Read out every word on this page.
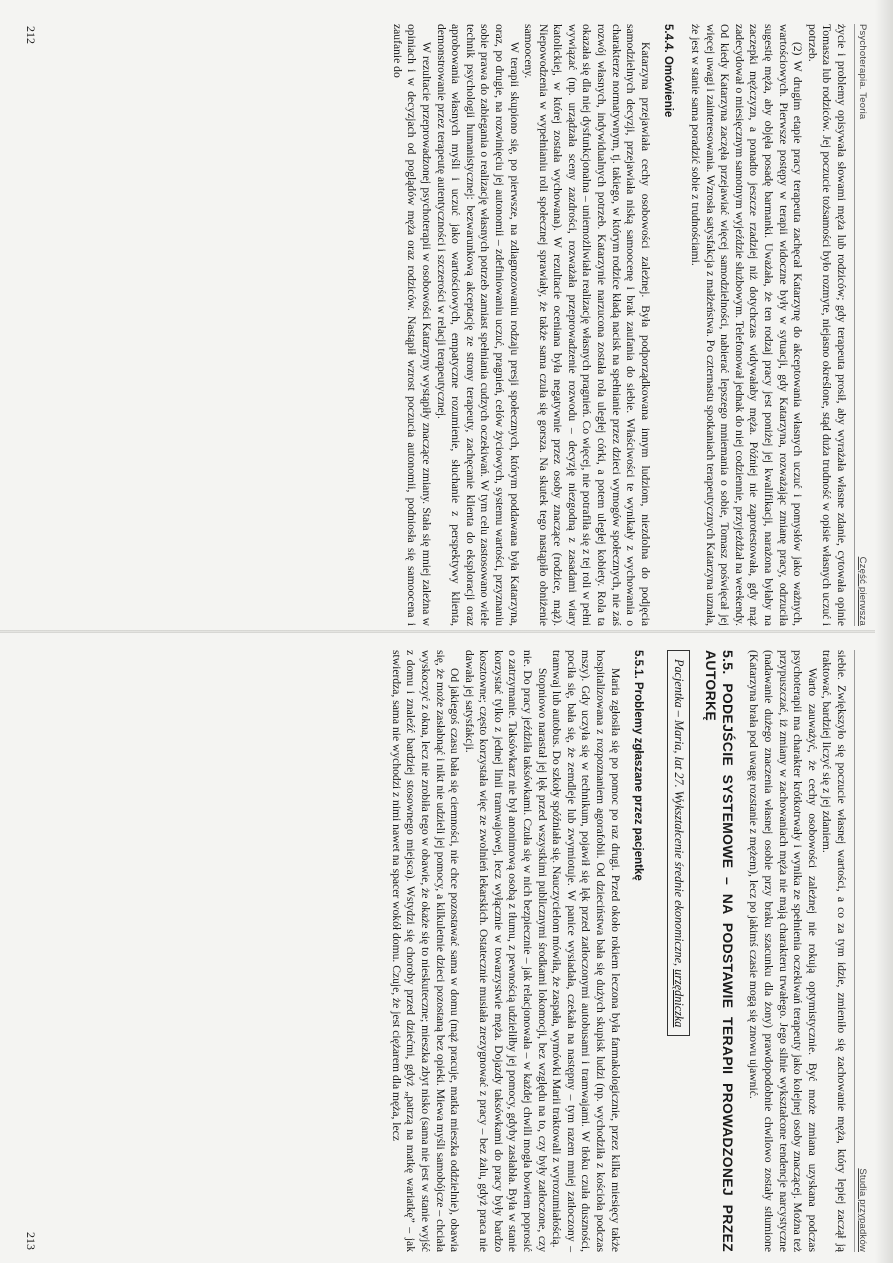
Psychoterapia. Teoria
Część pierwsza

życie i problemy opisywała słowami męża lub rodziców; gdy terapeuta prosił, aby wyrażała własne zdanie, cytowała opinie Tomasza lub rodziców. Jej poczucie tożsamości było rozmyte, niejasno określone, stąd duża trudność w opisie własnych uczuć i potrzeb.

(2) W drugim etapie pracy terapeuta zachęcał Katarzynę do akceptowania własnych uczuć i pomysłów jako ważnych, wartościowych. Pierwsze postępy w terapii widoczne były w sytuacji, gdy Katarzyna, rozważając zmianę pracy, odrzuciła sugestię męża, aby objęła posadę barmanki. Uważała, że ten rodzaj pracy jest poniżej jej kwalifikacji, narażona byłaby na zaczepki mężczyzn, a ponadto jeszcze rzadziej niż dotychczas widywałaby męża. Później nie zaprotestowała, gdy mąż zadecydował o miesięcznym samotnym wyjeździe służbowym. Telefonował jednak do niej codziennie, przyjeżdżał na weekendy. Od kiedy Katarzyna zaczęła przejawiać więcej samodzielności, nabierać lepszego mniemania o sobie, Tomasz poświęcał jej więcej uwagi i zainteresowania. Wzrosła satysfakcja z małżeństwa. Po czternastu spotkaniach terapeutycznych Katarzyna uznała, że jest w stanie sama poradzić sobie z trudnościami.

5.4.4. Omówienie

Katarzyna przejawiała cechy osobowości zależnej. Była podporządkowana innym ludziom, niezdolna do podjęcia samodzielnych decyzji, przejawiała niską samoocenę i brak zaufania do siebie. Właściwości te wynikały z wychowania o charakterze normatywnym, tj. takiego, w którym rodzice kładą nacisk na spełnianie przez dzieci wymogów społecznych, nie zaś rozwój własnych, indywidualnych potrzeb. Katarzynie narzucona została rola uległej córki, a potem uległej kobiety. Rola ta okazała się dla niej dysfunkcjonalna – uniemożliwiała realizację własnych pragnień. Co więcej, nie potrafiła się z tej roli w pełni wywiązać (np. urządzała sceny zazdrości, rozważała przeprowadzenie rozwodu – decyzję niezgodną z zasadami wiary katolickiej, w której została wychowana). W rezultacie oceniana była negatywnie przez osoby znaczące (rodzice, mąż). Niepowodzenia w wypełnianiu roli społecznej sprawiały, że także sama czuła się gorsza. Na skutek tego nastąpiło obniżenie samooceny.

W terapii skupiono się, po pierwsze, na zdiagnozowaniu rodzaju presji społecznych, którym poddawana była Katarzyna, oraz, po drugie, na rozwinięciu jej autonomii – zdefiniowaniu uczuć, pragnień, celów życiowych, systemu wartości, przyznaniu sobie prawa do zabiegania o realizację własnych potrzeb zamiast spełniania cudzych oczekiwań. W tym celu zastosowano wiele technik psychologii humanistycznej: bezwarunkową akceptację ze strony terapeuty, zachęcanie klienta do eksploracji oraz aprobowania własnych myśli i uczuć jako wartościowych, empatyczne rozumienie, słuchanie z perspektywy klienta, demonstrowanie przez terapeutę autentyczności i szczerości w relacji terapeutycznej.

W rezultacie przeprowadzonej psychoterapii w osobowości Katarzyny wystąpiły znaczące zmiany. Stała się mniej zależna w opiniach i w decyzjach od poglądów męża oraz rodziców. Nastąpił wzrost poczucia autonomii, podniosła się samoocena i zaufanie do

212
Studia przypadków

siebie. Zwiększyło się poczucie własnej wartości, a co za tym idzie, zmieniło się zachowanie męża, który lepiej zaczął ją traktować, bardziej liczyć się z jej zdaniem.

Warto zauważyć, że cechy osobowości zależnej nie rokują optymistycznie. Być może zmiana uzyskana podczas psychoterapii ma charakter krótkotrwały i wynika ze spełnienia oczekiwań terapeuty jako kolejnej osoby znaczącej. Można też przypuszczać, iż zmiany w zachowaniach męża nie mają charakteru trwałego. Jego silnie wykształcone tendencje narcystyczne (nadawanie dużego znaczenia własnej osobie przy braku szacunku dla żony) prawdopodobnie chwilowo zostały stłumione (Katarzyna brała pod uwagę rozstanie z mężem), lecz po jakimś czasie mogą się znowu ujawnić.

5.5. PODEJŚCIE SYSTEMOWE – NA PODSTAWIE TERAPII PROWADZONEJ PRZEZ AUTORKĘ
Pacjentka – Maria, lat 27. Wykształcenie średnie ekonomiczne, urzędniczka
5.5.1. Problemy zgłaszane przez pacjentkę

Maria zgłosiła się po pomoc po raz drugi. Przed około rokiem leczona była farmakologicznie, przez kilka miesięcy także hospitalizowana z rozpoznaniem agorafobii. Od dzieciństwa bała się dużych skupisk ludzi (np. wychodziła z kościoła podczas mszy). Gdy uczyła się w technikum, pojawił się lęk przed zatłoczonymi autobusami i tramwajami. W tłoku czuła duszności, pociła się, bała się, że zemdleje lub zwymiotuje. W panice wysiadała, czekała na następny – tym razem mniej zatłoczony – tramwaj lub autobus. Do szkoły spóźniała się. Nauczycielom mówiła, że zaspała, wymówki Marii traktowali z wyrozumiałością.

Stopniowo narastał jej lęk przed wszystkimi publicznymi środkami lokomocji, bez względu na to, czy były zatłoczone, czy nie. Do pracy jeździła taksówkami. Czuła się w nich bezpiecznie – jak relacjonowała – w każdej chwili mogła bowiem poprosić o zatrzymanie. Taksówkarz nie był anonimową osobą z tłumu, z pewnością udzieliłby jej pomocy, gdyby zasłabła. Była w stanie korzystać tylko z jednej linii tramwajowej, lecz wyłącznie w towarzystwie męża. Dojazdy taksówkami do pracy były bardzo kosztowne; często korzystała więc ze zwolnień lekarskich. Ostatecznie musiała zrezygnować z pracy – bez żalu, gdyż praca nie dawała jej satysfakcji.

Od jakiegoś czasu bała się ciemności, nie chce pozostawać sama w domu (mąż pracuje, matka mieszka oddzielnie), obawia się, że może zasłabnąć i nikt nie udzieli jej pomocy, a kilkuletnie dzieci pozostaną bez opieki. Miewa myśli samobójcze – chciała wyskoczyć z okna, lecz nie zrobiła tego w obawie, że okaże się to nieskuteczne; mieszka zbyt nisko (sama nie jest w stanie wyjść z domu i znaleźć bardziej stosownego miejsca). Wstydzi się choroby przed dziećmi, gdyż „patrzą na matkę wariatkę” – jak stwierdza, sama nie wychodzi z nimi nawet na spacer wokół domu. Czuje, że jest ciężarem dla męża, lecz

213
